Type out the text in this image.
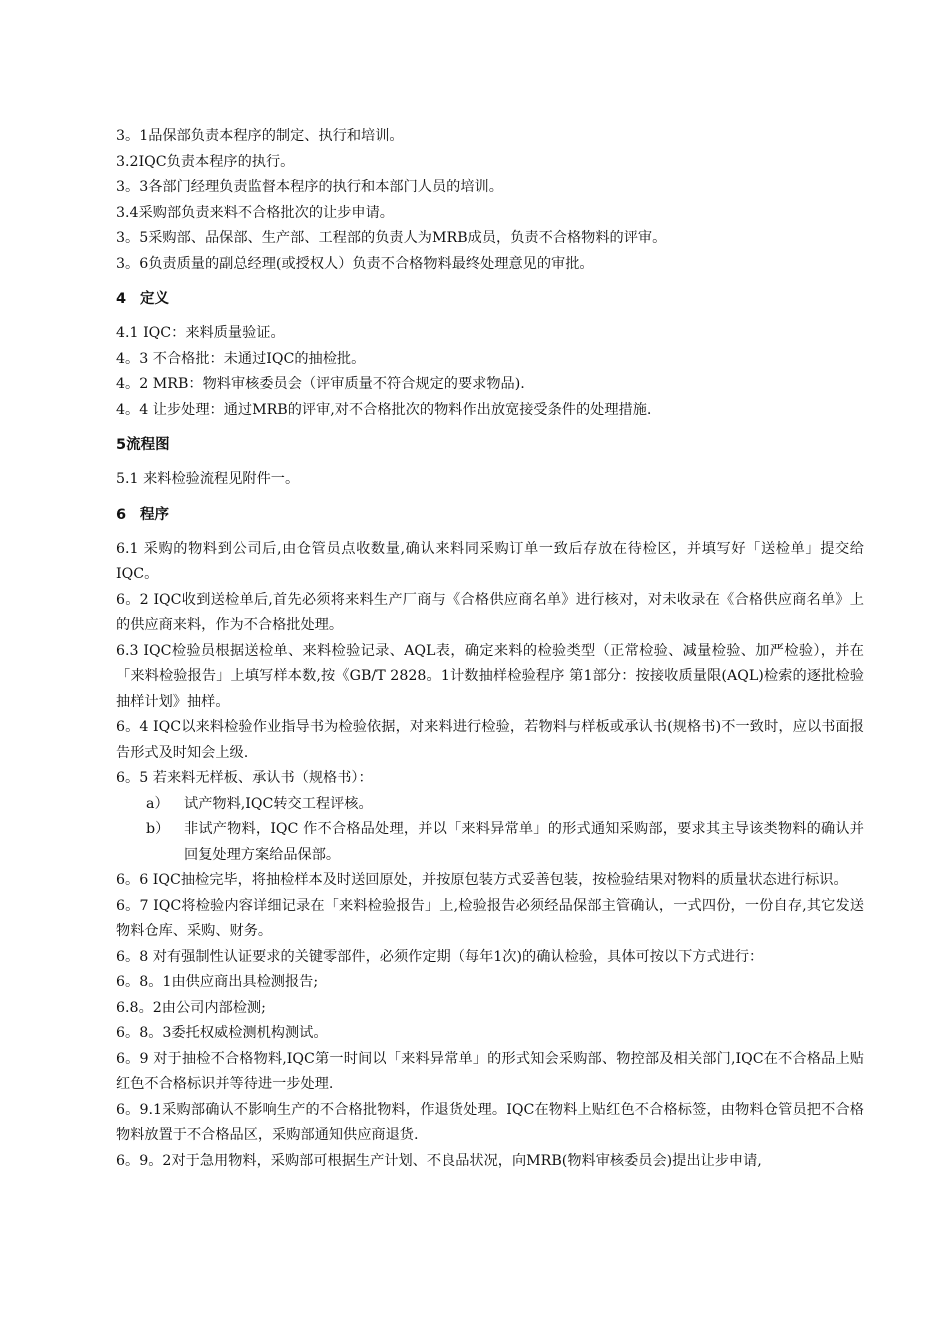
3。1品保部负责本程序的制定、执行和培训。
3.2IQC负责本程序的执行。
3。3各部门经理负责监督本程序的执行和本部门人员的培训。
3.4采购部负责来料不合格批次的让步申请。
3。5采购部、品保部、生产部、工程部的负责人为MRB成员，负责不合格物料的评审。
3。6负责质量的副总经理(或授权人）负责不合格物料最终处理意见的审批。
4 定义
4.1 IQC：来料质量验证。
4。3 不合格批：未通过IQC的抽检批。
4。2 MRB：物料审核委员会（评审质量不符合规定的要求物品).
4。4 让步处理：通过MRB的评审,对不合格批次的物料作出放宽接受条件的处理措施.
5流程图
5.1 来料检验流程见附件一。
6 程序
6.1 采购的物料到公司后,由仓管员点收数量,确认来料同采购订单一致后存放在待检区，并填写好「送检单」提交给IQC。
6。2 IQC收到送检单后,首先必须将来料生产厂商与《合格供应商名单》进行核对，对未收录在《合格供应商名单》上的供应商来料，作为不合格批处理。
6.3 IQC检验员根据送检单、来料检验记录、AQL表，确定来料的检验类型（正常检验、减量检验、加严检验），并在「来料检验报告」上填写样本数,按《GB/T 2828。1计数抽样检验程序 第1部分：按接收质量限(AQL)检索的逐批检验抽样计划》抽样。
6。4 IQC以来料检验作业指导书为检验依据，对来料进行检验，若物料与样板或承认书(规格书)不一致时，应以书面报告形式及时知会上级.
6。5 若来料无样板、承认书（规格书）：
a）	试产物料,IQC转交工程评核。
b）	非试产物料，IQC 作不合格品处理，并以「来料异常单」的形式通知采购部，要求其主导该类物料的确认并回复处理方案给品保部。
6。6 IQC抽检完毕，将抽检样本及时送回原处，并按原包装方式妥善包装，按检验结果对物料的质量状态进行标识。
6。7 IQC将检验内容详细记录在「来料检验报告」上,检验报告必须经品保部主管确认，一式四份，一份自存,其它发送物料仓库、采购、财务。
6。8 对有强制性认证要求的关键零部件，必须作定期（每年1次)的确认检验，具体可按以下方式进行：
6。8。1由供应商出具检测报告;
6.8。2由公司内部检测;
6。8。3委托权威检测机构测试。
6。9 对于抽检不合格物料,IQC第一时间以「来料异常单」的形式知会采购部、物控部及相关部门,IQC在不合格品上贴红色不合格标识并等待进一步处理.
6。9.1采购部确认不影响生产的不合格批物料，作退货处理。IQC在物料上贴红色不合格标签，由物料仓管员把不合格物料放置于不合格品区，采购部通知供应商退货.
6。9。2对于急用物料，采购部可根据生产计划、不良品状况，向MRB(物料审核委员会)提出让步申请,
